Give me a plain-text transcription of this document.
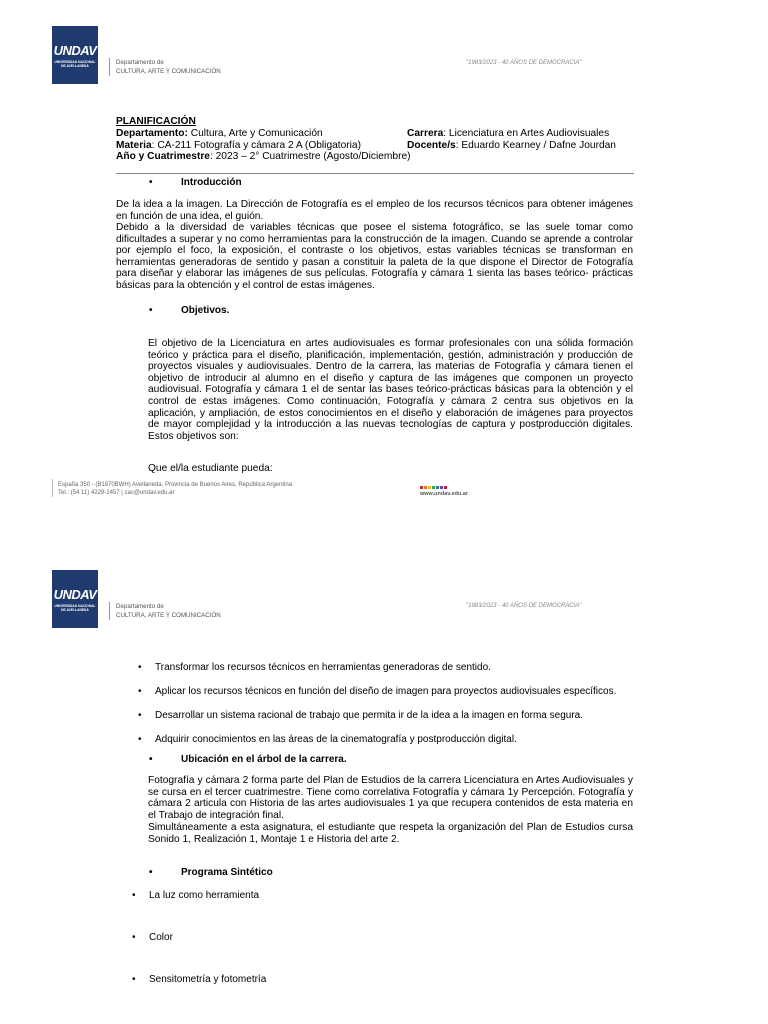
UNDAV
UNIVERSIDAD NACIONAL DE AVELLANEDA	Departamento de
CULTURA, ARTE Y COMUNICACIÓN
"1983/2023 - 40 AÑOS DE DEMOCRACIA"
PLANIFICACIÓN
Departamento: Cultura, Arte y Comunicación	Carrera: Licenciatura en Artes Audiovisuales
Materia: CA-211 Fotografía y cámara 2 A (Obligatoria)	Docente/s: Eduardo Kearney / Dafne Jourdan
Año y Cuatrimestre: 2023 – 2° Cuatrimestre (Agosto/Diciembre)
• Introducción
De la idea a la imagen. La Dirección de Fotografía es el empleo de los recursos técnicos para obtener imágenes en función de una idea, el guión.
Debido a la diversidad de variables técnicas que posee el sistema fotográfico, se las suele tomar como dificultades a superar y no como herramientas para la construcción de la imagen. Cuando se aprende a controlar por ejemplo el foco, la exposición, el contraste o los objetivos, estas variables técnicas se transforman en herramientas generadoras de sentido y pasan a constituir la paleta de la que dispone el Director de Fotografía para diseñar y elaborar las imágenes de sus películas. Fotografía y cámara 1 sienta las bases teórico- prácticas básicas para la obtención y el control de estas imágenes.
• Objetivos.
El objetivo de la Licenciatura en artes audiovisuales es formar profesionales con una sólida formación teórico y práctica para el diseño, planificación, implementación, gestión, administración y producción de proyectos visuales y audiovisuales. Dentro de la carrera, las materias de Fotografía y cámara tienen el objetivo de introducir al alumno en el diseño y captura de las imágenes que componen un proyecto audiovisual. Fotografía y cámara 1 el de sentar las bases teórico-prácticas básicas para la obtención y el control de estas imágenes. Como continuación, Fotografía y cámara 2 centra sus objetivos en la aplicación, y ampliación, de estos conocimientos en el diseño y elaboración de imágenes para proyectos de mayor complejidad y la introducción a las nuevas tecnologías de captura y postproducción digitales. Estos objetivos son:
Que el/la estudiante pueda:
España 350 - (B1870BWH) Avellaneda, Provincia de Buenos Aires, República Argentina
Tel.: (54 11) 4229-2457 | cac@undav.edu.ar	www.undav.edu.ar
UNDAV
UNIVERSIDAD NACIONAL DE AVELLANEDA	Departamento de
CULTURA, ARTE Y COMUNICACIÓN
"1983/2023 - 40 AÑOS DE DEMOCRACIA"
• Transformar los recursos técnicos en herramientas generadoras de sentido.
• Aplicar los recursos técnicos en función del diseño de imagen para proyectos audiovisuales específicos.
• Desarrollar un sistema racional de trabajo que permita ir de la idea a la imagen en forma segura.
• Adquirir conocimientos en las áreas de la cinematografía y postproducción digital.
• Ubicación en el árbol de la carrera.
Fotografía y cámara 2 forma parte del Plan de Estudios de la carrera Licenciatura en Artes Audiovisuales y se cursa en el tercer cuatrimestre. Tiene como correlativa Fotografía y cámara 1y Percepción. Fotografía y cámara 2 articula con Historia de las artes audiovisuales 1 ya que recupera contenidos de esta materia en el Trabajo de integración final.
Simultáneamente a esta asignatura, el estudiante que respeta la organización del Plan de Estudios cursa Sonido 1, Realización 1, Montaje 1 e Historia del arte 2.
• Programa Sintético
• La luz como herramienta
• Color
• Sensitometría y fotometría
